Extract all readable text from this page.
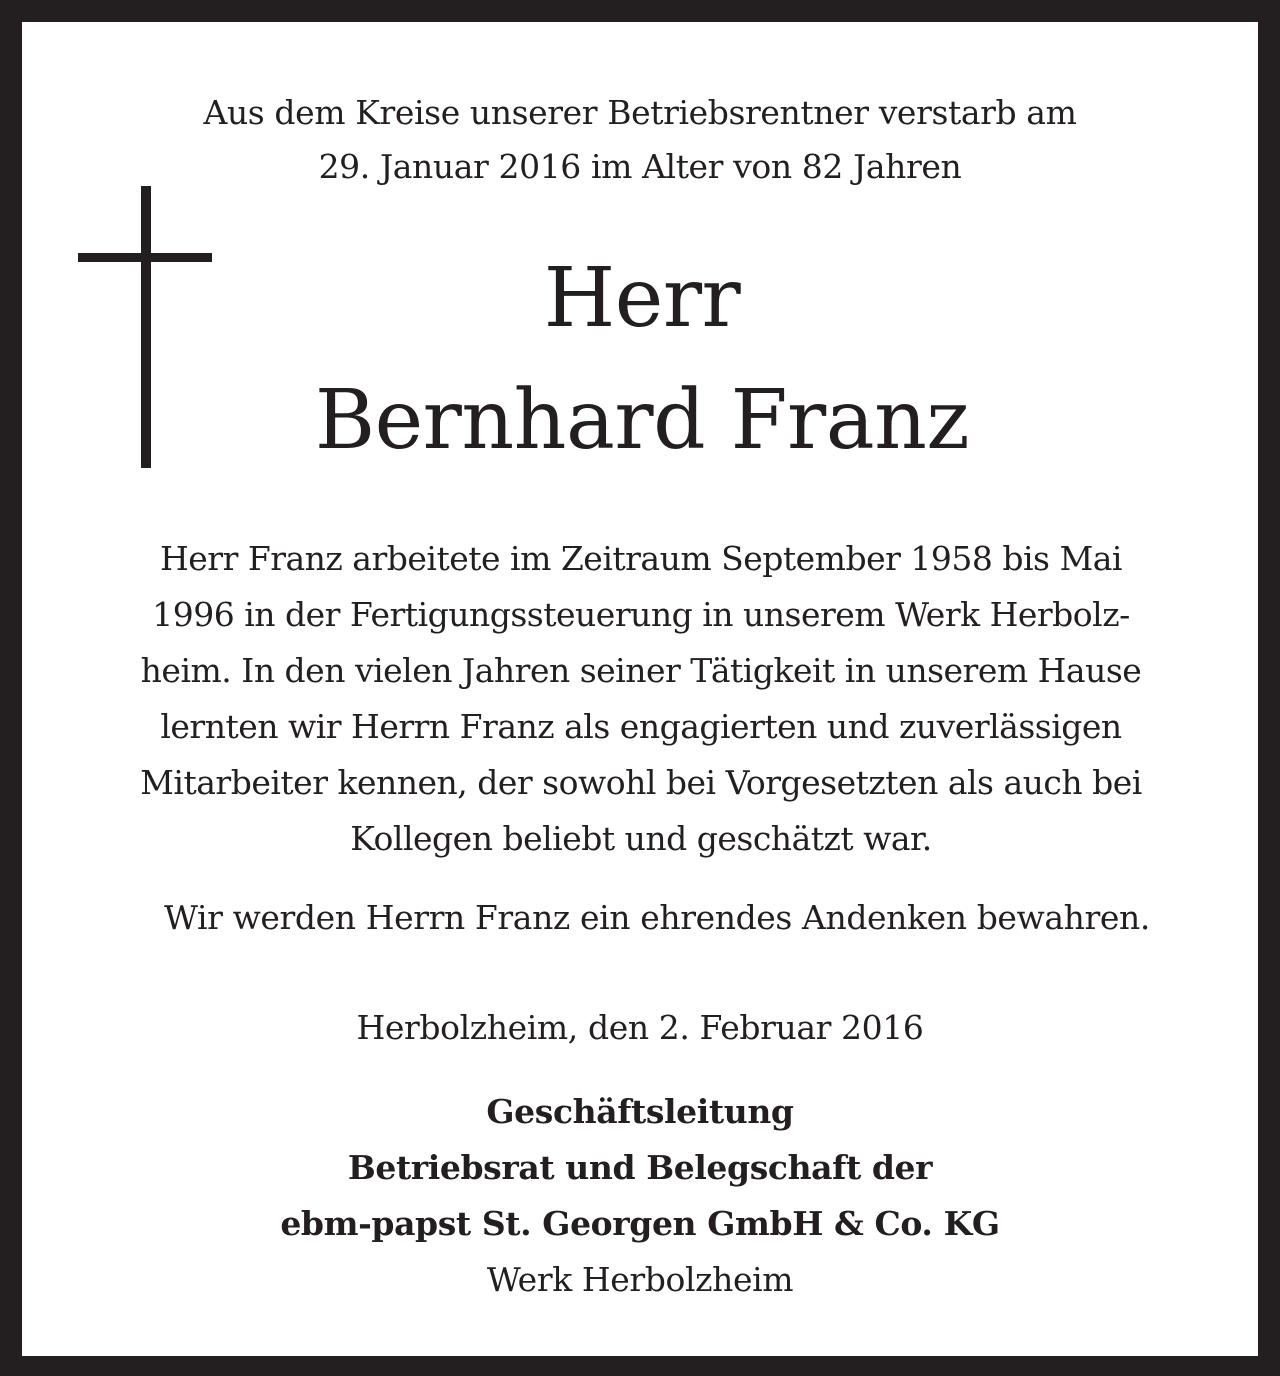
Aus dem Kreise unserer Betriebsrentner verstarb am
29. Januar 2016 im Alter von 82 Jahren
Herr
Bernhard Franz
Herr Franz arbeitete im Zeitraum September 1958 bis Mai
1996 in der Fertigungssteuerung in unserem Werk Herbolz-
heim. In den vielen Jahren seiner Tätigkeit in unserem Hause
lernten wir Herrn Franz als engagierten und zuverlässigen
Mitarbeiter kennen, der sowohl bei Vorgesetzten als auch bei
Kollegen beliebt und geschätzt war.
Wir werden Herrn Franz ein ehrendes Andenken bewahren.
Herbolzheim, den 2. Februar 2016
Geschäftsleitung
Betriebsrat und Belegschaft der
ebm-papst St. Georgen GmbH & Co. KG
Werk Herbolzheim
